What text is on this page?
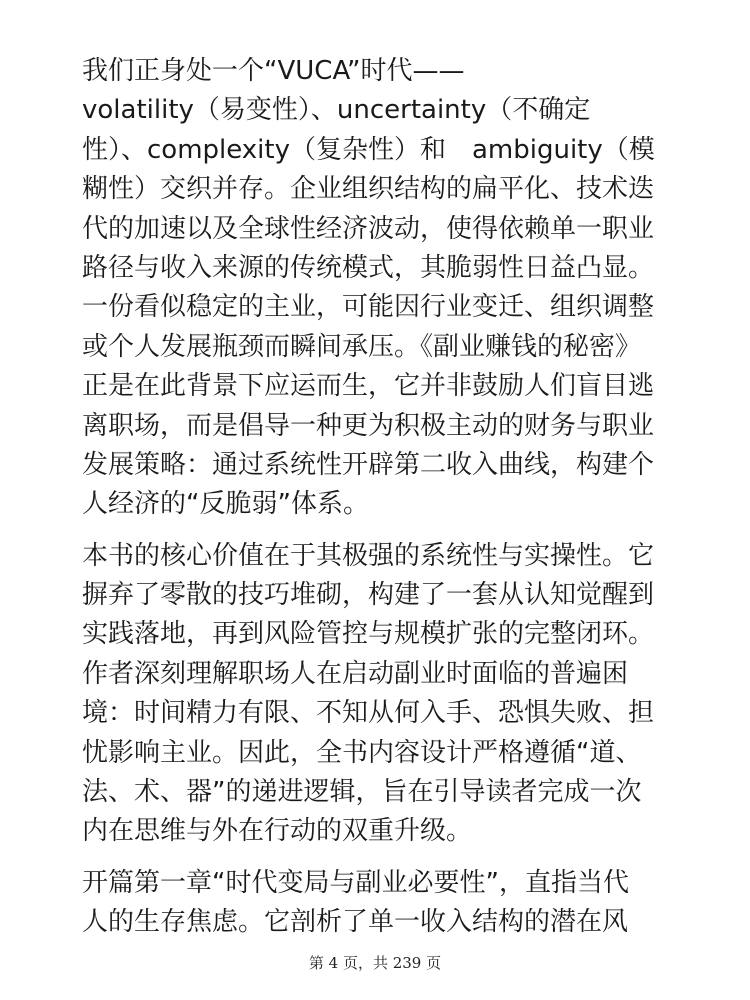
我们正身处一个“VUCA”时代——
volatility（易变性）、uncertainty（不确定
性）、complexity（复杂性）和　ambiguity（模
糊性）交织并存。企业组织结构的扁平化、技术迭
代的加速以及全球性经济波动，使得依赖单一职业
路径与收入来源的传统模式，其脆弱性日益凸显。
一份看似稳定的主业，可能因行业变迁、组织调整
或个人发展瓶颈而瞬间承压。《副业赚钱的秘密》
正是在此背景下应运而生，它并非鼓励人们盲目逃
离职场，而是倡导一种更为积极主动的财务与职业
发展策略：通过系统性开辟第二收入曲线，构建个
人经济的“反脆弱”体系。
本书的核心价值在于其极强的系统性与实操性。它
摒弃了零散的技巧堆砌，构建了一套从认知觉醒到
实践落地，再到风险管控与规模扩张的完整闭环。
作者深刻理解职场人在启动副业时面临的普遍困
境：时间精力有限、不知从何入手、恐惧失败、担
忧影响主业。因此，全书内容设计严格遵循“道、
法、术、器”的递进逻辑，旨在引导读者完成一次
内在思维与外在行动的双重升级。
开篇第一章“时代变局与副业必要性”，直指当代
人的生存焦虑。它剖析了单一收入结构的潜在风
第 4 页，共 239 页
